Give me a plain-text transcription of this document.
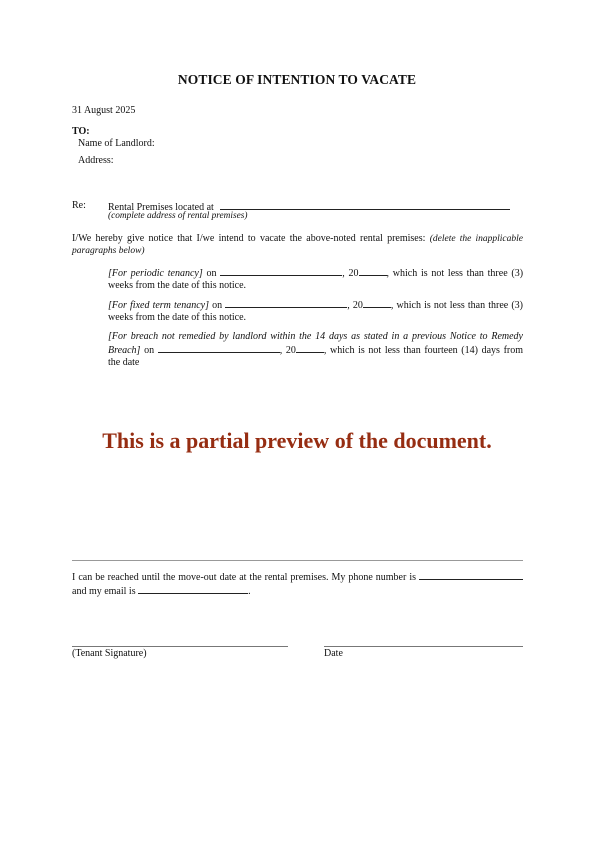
NOTICE OF INTENTION TO VACATE
31 August 2025
TO:
Name of Landlord:
Address:
Re: Rental Premises located at
(complete address of rental premises)
I/We hereby give notice that I/we intend to vacate the above-noted rental premises: (delete the inapplicable paragraphs below)
[For periodic tenancy] on	, 20	, which is not less than three (3) weeks from the date of this notice.
[For fixed term tenancy] on	, 20	, which is not less than three (3) weeks from the date of this notice.
[For breach not remedied by landlord within the 14 days as stated in a previous Notice to Remedy Breach] on	, 20	, which is not less than fourteen (14) days from the date
This is a partial preview of the document.
I can be reached until the move-out date at the rental premises. My phone number is  and my email is	.
(Tenant Signature)	Date
